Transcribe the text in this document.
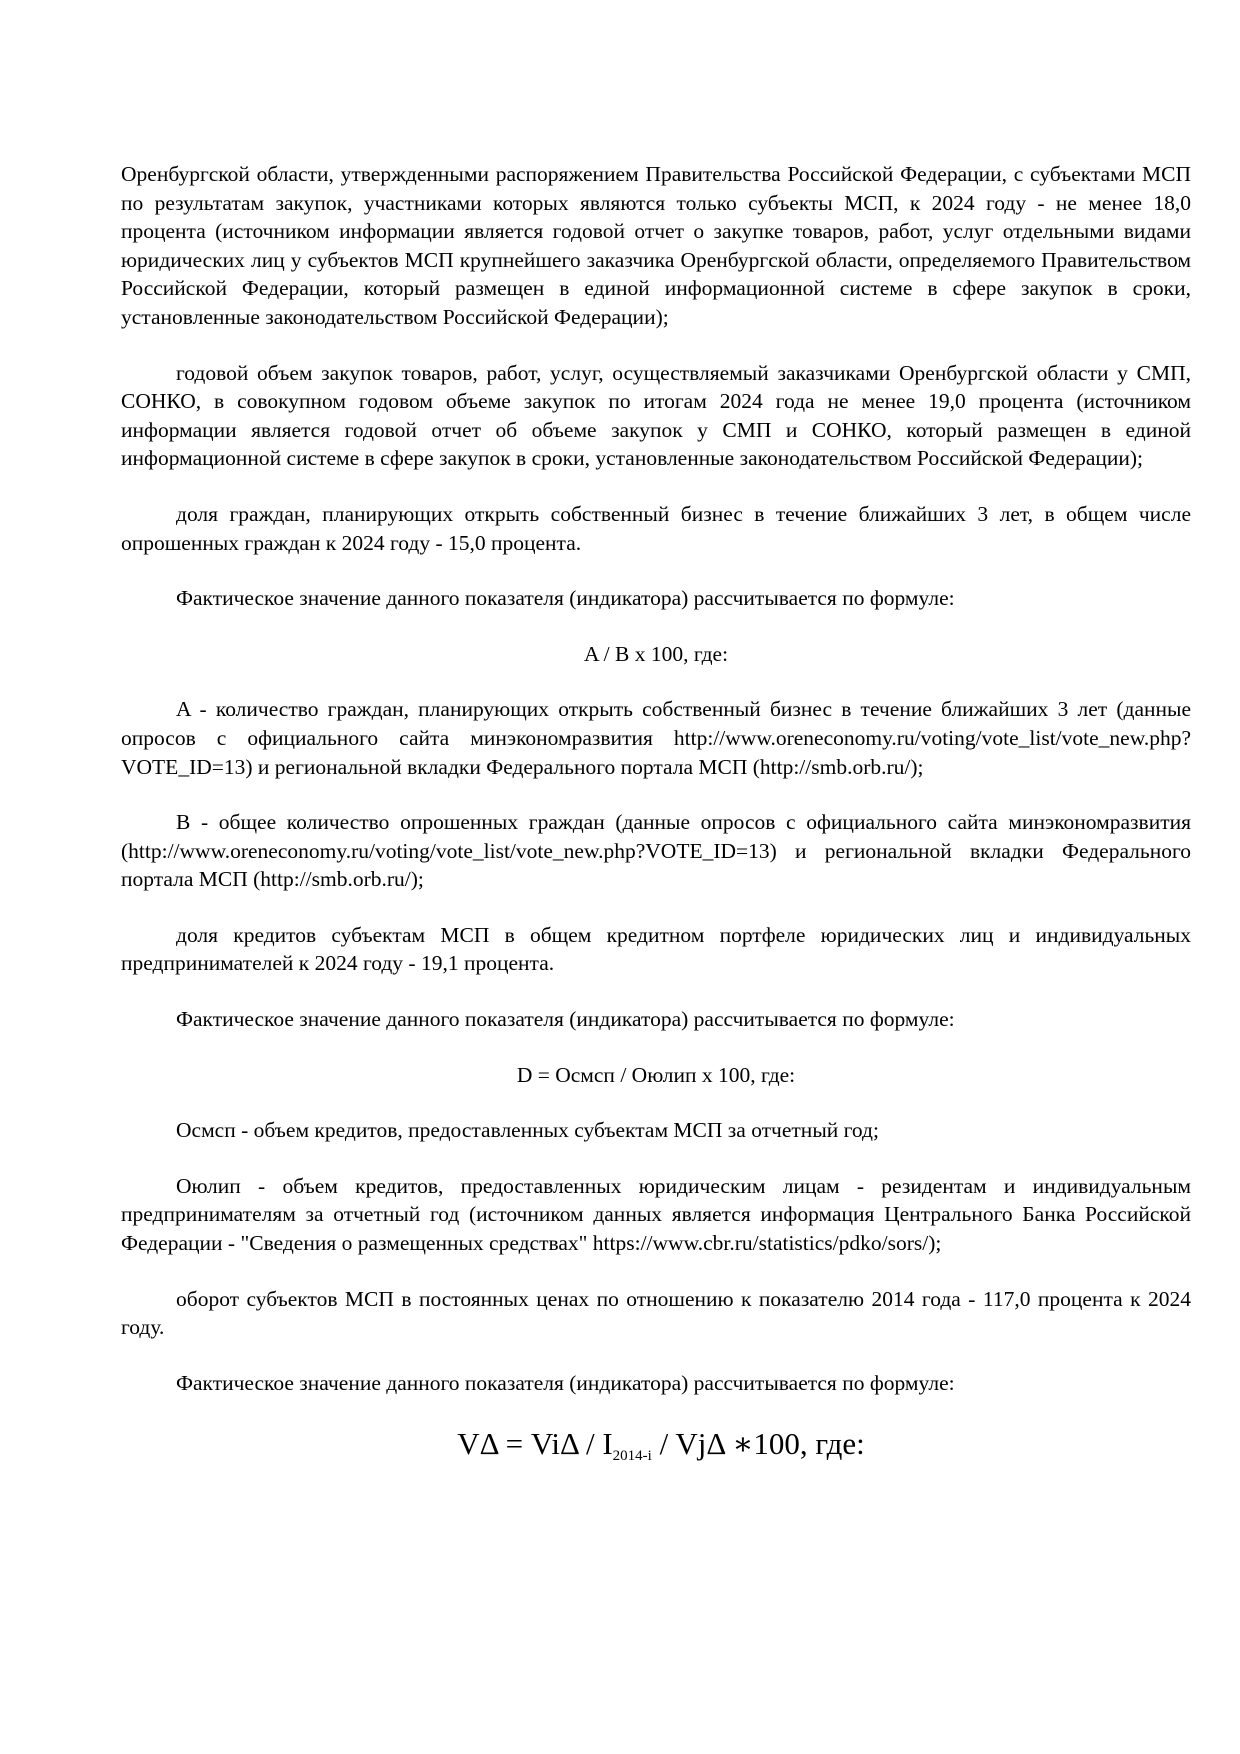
Оренбургской области, утвержденными распоряжением Правительства Российской Федерации, с субъектами МСП по результатам закупок, участниками которых являются только субъекты МСП, к 2024 году - не менее 18,0 процента (источником информации является годовой отчет о закупке товаров, работ, услуг отдельными видами юридических лиц у субъектов МСП крупнейшего заказчика Оренбургской области, определяемого Правительством Российской Федерации, который размещен в единой информационной системе в сфере закупок в сроки, установленные законодательством Российской Федерации);

годовой объем закупок товаров, работ, услуг, осуществляемый заказчиками Оренбургской области у СМП, СОНКО, в совокупном годовом объеме закупок по итогам 2024 года не менее 19,0 процента (источником информации является годовой отчет об объеме закупок у СМП и СОНКО, который размещен в единой информационной системе в сфере закупок в сроки, установленные законодательством Российской Федерации);

доля граждан, планирующих открыть собственный бизнес в течение ближайших 3 лет, в общем числе опрошенных граждан к 2024 году - 15,0 процента.

Фактическое значение данного показателя (индикатора) рассчитывается по формуле:

A / B x 100, где:

A - количество граждан, планирующих открыть собственный бизнес в течение ближайших 3 лет (данные опросов с официального сайта минэкономразвития http://www.oreneconomy.ru/voting/vote_list/vote_new.php?VOTE_ID=13) и региональной вкладки Федерального портала МСП (http://smb.orb.ru/);

B - общее количество опрошенных граждан (данные опросов с официального сайта минэкономразвития (http://www.oreneconomy.ru/voting/vote_list/vote_new.php?VOTE_ID=13) и региональной вкладки Федерального портала МСП (http://smb.orb.ru/);

доля кредитов субъектам МСП в общем кредитном портфеле юридических лиц и индивидуальных предпринимателей к 2024 году - 19,1 процента.

Фактическое значение данного показателя (индикатора) рассчитывается по формуле:

D = Осмсп / Оюлип x 100, где:

Осмсп - объем кредитов, предоставленных субъектам МСП за отчетный год;

Оюлип - объем кредитов, предоставленных юридическим лицам - резидентам и индивидуальным предпринимателям за отчетный год (источником данных является информация Центрального Банка Российской Федерации - "Сведения о размещенных средствах" https://www.cbr.ru/statistics/pdko/sors/);

оборот субъектов МСП в постоянных ценах по отношению к показателю 2014 года - 117,0 процента к 2024 году.

Фактическое значение данного показателя (индикатора) рассчитывается по формуле:

$V\Delta = Vi\Delta / I_{2014-i} / Vj\Delta$ ∗100, где:
